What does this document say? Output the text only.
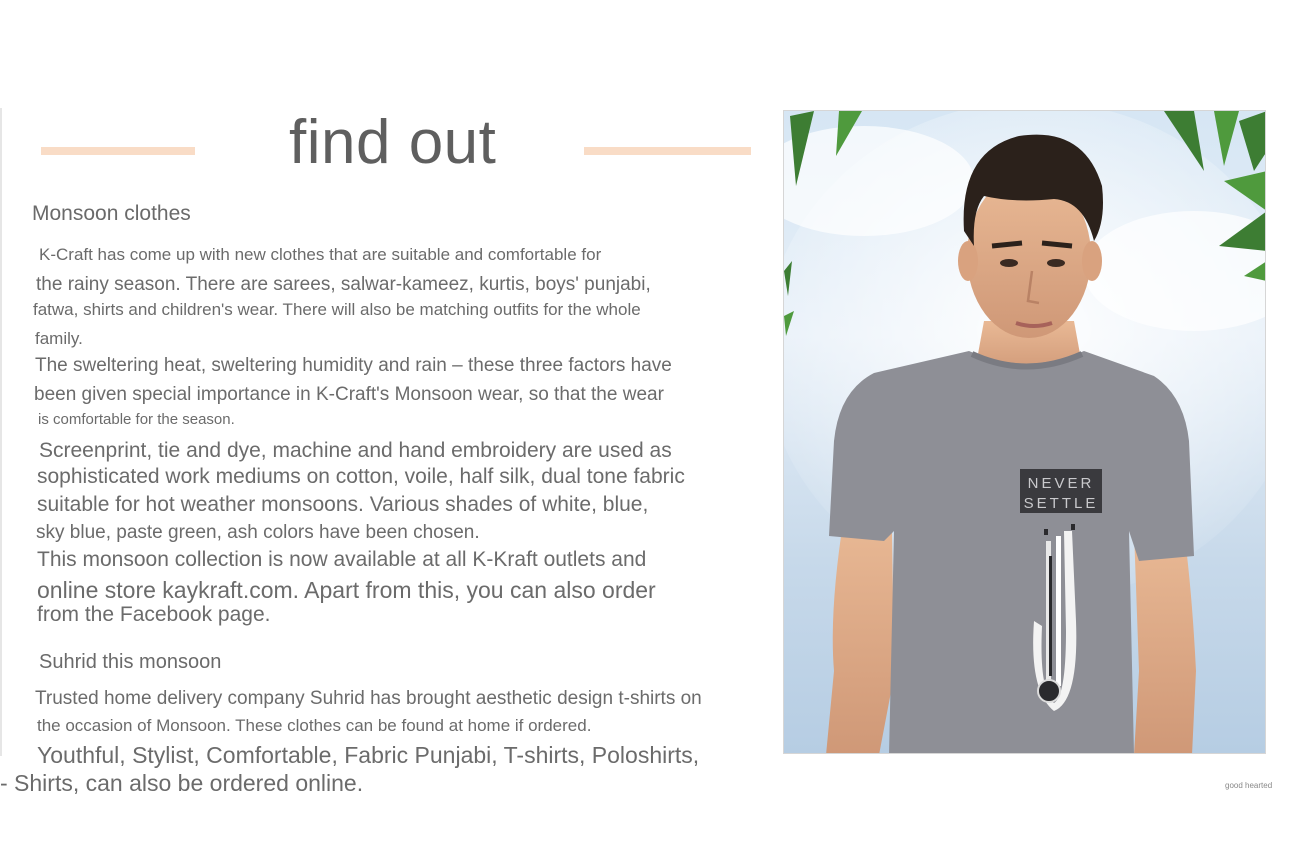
find out
Monsoon clothes
K-Craft has come up with new clothes that are suitable and comfortable for
the rainy season. There are sarees, salwar-kameez, kurtis, boys' punjabi,
fatwa, shirts and children's wear. There will also be matching outfits for the whole
family.
The sweltering heat, sweltering humidity and rain – these three factors have
been given special importance in K-Craft's Monsoon wear, so that the wear
is comfortable for the season.
Screenprint, tie and dye, machine and hand embroidery are used as
sophisticated work mediums on cotton, voile, half silk, dual tone fabric
suitable for hot weather monsoons. Various shades of white, blue,
sky blue, paste green, ash colors have been chosen.
This monsoon collection is now available at all K-Kraft outlets and
online store kaykraft.com. Apart from this, you can also order
from the Facebook page.
Suhrid this monsoon
Trusted home delivery company Suhrid has brought aesthetic design t-shirts on
the occasion of Monsoon. These clothes can be found at home if ordered.
Youthful, Stylist, Comfortable, Fabric Punjabi, T-shirts, Poloshirts,
- Shirts, can also be ordered online.
NEVER
SETTLE
good hearted
